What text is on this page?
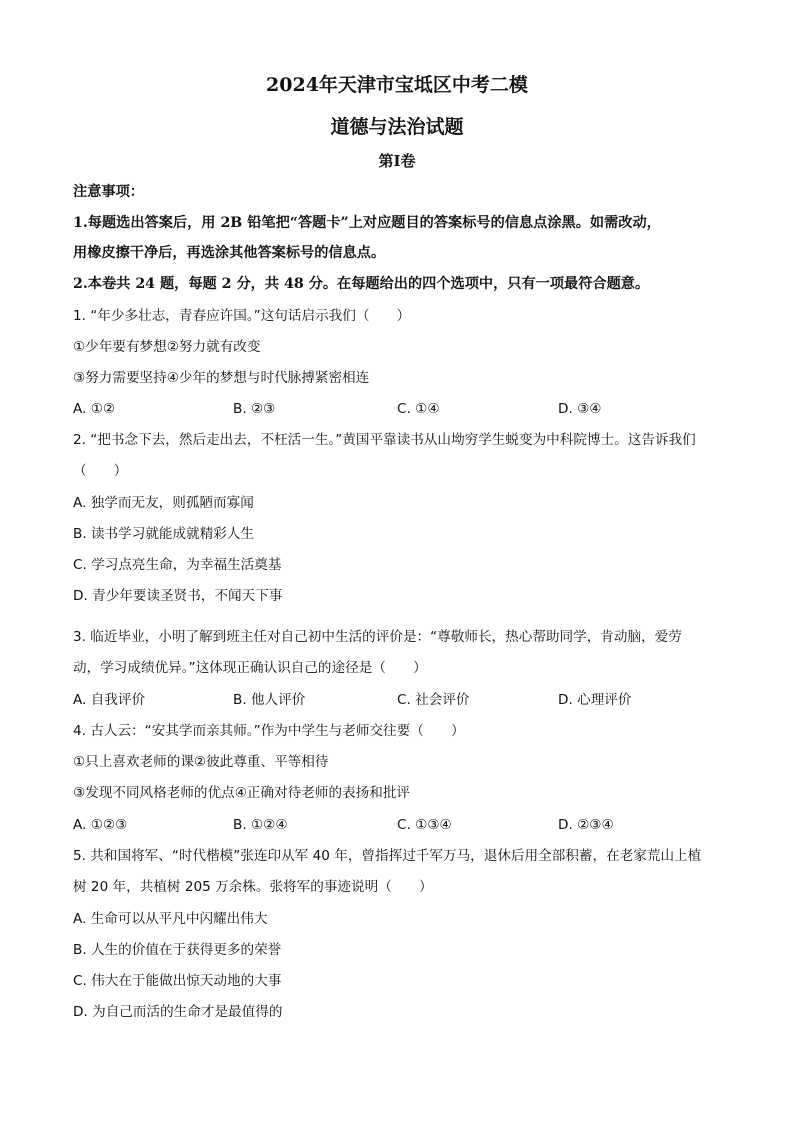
2024年天津市宝坻区中考二模
道德与法治试题
第Ⅰ卷
注意事项：
1.每题选出答案后，用 2B 铅笔把“答题卡”上对应题目的答案标号的信息点涂黑。如需改动，
用橡皮擦干净后，再选涂其他答案标号的信息点。
2.本卷共 24 题，每题 2 分，共 48 分。在每题给出的四个选项中，只有一项最符合题意。
1. “年少多壮志，青春应许国。”这句话启示我们（　　）
①少年要有梦想②努力就有改变
③努力需要坚持④少年的梦想与时代脉搏紧密相连
A. ①②	B. ②③	C. ①④	D. ③④
2. “把书念下去，然后走出去，不枉活一生。”黄国平靠读书从山坳穷学生蜕变为中科院博士。这告诉我们
（　　）
A. 独学而无友，则孤陋而寡闻
B. 读书学习就能成就精彩人生
C. 学习点亮生命，为幸福生活奠基
D. 青少年要读圣贤书，不闻天下事
3. 临近毕业，小明了解到班主任对自己初中生活的评价是：“尊敬师长，热心帮助同学，肯动脑，爱劳
动，学习成绩优异。”这体现正确认识自己的途径是（　　）
A. 自我评价	B. 他人评价	C. 社会评价	D. 心理评价
4. 古人云：“安其学而亲其师。”作为中学生与老师交往要（　　）
①只上喜欢老师的课②彼此尊重、平等相待
③发现不同风格老师的优点④正确对待老师的表扬和批评
A. ①②③	B. ①②④	C. ①③④	D. ②③④
5. 共和国将军、“时代楷模”张连印从军 40 年，曾指挥过千军万马，退休后用全部积蓄，在老家荒山上植
树 20 年，共植树 205 万余株。张将军的事迹说明（　　）
A. 生命可以从平凡中闪耀出伟大
B. 人生的价值在于获得更多的荣誉
C. 伟大在于能做出惊天动地的大事
D. 为自己而活的生命才是最值得的
